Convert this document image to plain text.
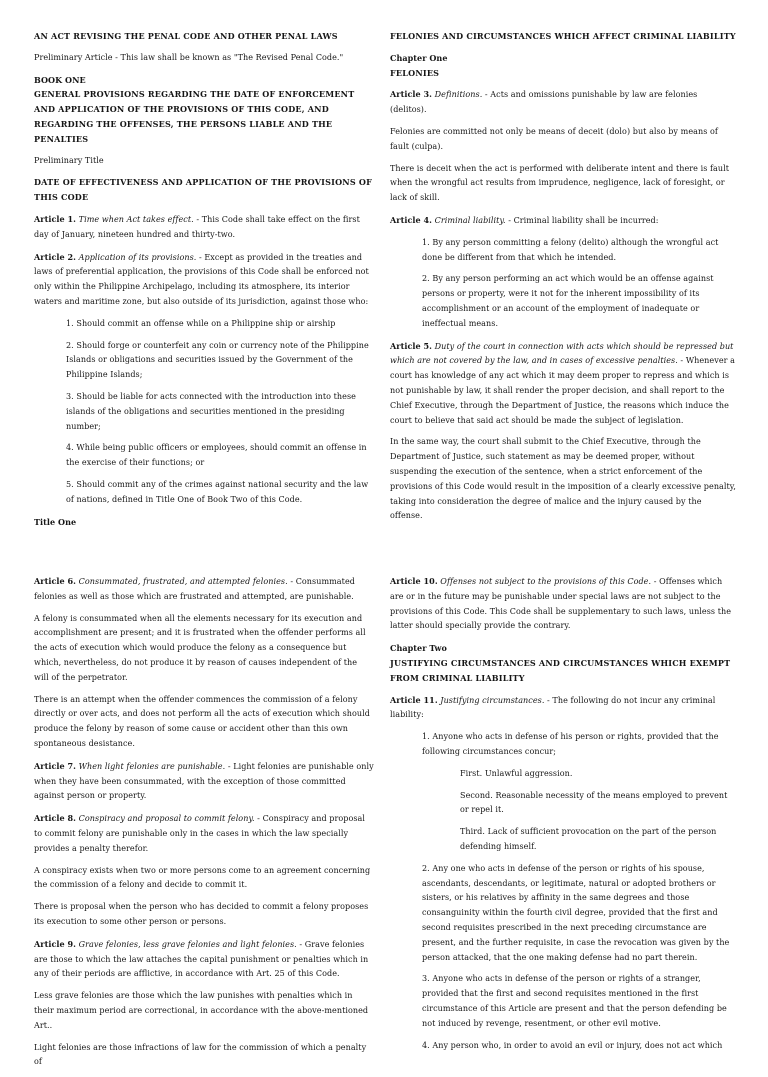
AN ACT REVISING THE PENAL CODE AND OTHER PENAL LAWS

Preliminary Article - This law shall be known as "The Revised Penal Code."

BOOK ONE

GENERAL PROVISIONS REGARDING THE DATE OF ENFORCEMENT AND APPLICATION OF THE PROVISIONS OF THIS CODE, AND REGARDING THE OFFENSES, THE PERSONS LIABLE AND THE PENALTIES

Preliminary Title

DATE OF EFFECTIVENESS AND APPLICATION OF THE PROVISIONS OF THIS CODE

Article 1. Time when Act takes effect. - This Code shall take effect on the first day of January, nineteen hundred and thirty-two.

Article 2. Application of its provisions. - Except as provided in the treaties and laws of preferential application, the provisions of this Code shall be enforced not only within the Philippine Archipelago, including its atmosphere, its interior waters and maritime zone, but also outside of its jurisdiction, against those who:

1. Should commit an offense while on a Philippine ship or airship

2. Should forge or counterfeit any coin or currency note of the Philippine Islands or obligations and securities issued by the Government of the Philippine Islands;

3. Should be liable for acts connected with the introduction into these islands of the obligations and securities mentioned in the presiding number;

4. While being public officers or employees, should commit an offense in the exercise of their functions; or

5. Should commit any of the crimes against national security and the law of nations, defined in Title One of Book Two of this Code.

Title One

FELONIES AND CIRCUMSTANCES WHICH AFFECT CRIMINAL LIABILITY

Chapter One

FELONIES

Article 3. Definitions. - Acts and omissions punishable by law are felonies (delitos).

Felonies are committed not only be means of deceit (dolo) but also by means of fault (culpa).

There is deceit when the act is performed with deliberate intent and there is fault when the wrongful act results from imprudence, negligence, lack of foresight, or lack of skill.

Article 4. Criminal liability. - Criminal liability shall be incurred:

1. By any person committing a felony (delito) although the wrongful act done be different from that which he intended.

2. By any person performing an act which would be an offense against persons or property, were it not for the inherent impossibility of its accomplishment or an account of the employment of inadequate or ineffectual means.

Article 5. Duty of the court in connection with acts which should be repressed but which are not covered by the law, and in cases of excessive penalties. - Whenever a court has knowledge of any act which it may deem proper to repress and which is not punishable by law, it shall render the proper decision, and shall report to the Chief Executive, through the Department of Justice, the reasons which induce the court to believe that said act should be made the subject of legislation.

In the same way, the court shall submit to the Chief Executive, through the Department of Justice, such statement as may be deemed proper, without suspending the execution of the sentence, when a strict enforcement of the provisions of this Code would result in the imposition of a clearly excessive penalty, taking into consideration the degree of malice and the injury caused by the offense.

Article 6. Consummated, frustrated, and attempted felonies. - Consummated felonies as well as those which are frustrated and attempted, are punishable.

A felony is consummated when all the elements necessary for its execution and accomplishment are present; and it is frustrated when the offender performs all the acts of execution which would produce the felony as a consequence but which, nevertheless, do not produce it by reason of causes independent of the will of the perpetrator.

There is an attempt when the offender commences the commission of a felony directly or over acts, and does not perform all the acts of execution which should produce the felony by reason of some cause or accident other than this own spontaneous desistance.

Article 7. When light felonies are punishable. - Light felonies are punishable only when they have been consummated, with the exception of those committed against person or property.

Article 8. Conspiracy and proposal to commit felony. - Conspiracy and proposal to commit felony are punishable only in the cases in which the law specially provides a penalty therefor.

A conspiracy exists when two or more persons come to an agreement concerning the commission of a felony and decide to commit it.

There is proposal when the person who has decided to commit a felony proposes its execution to some other person or persons.

Article 9. Grave felonies, less grave felonies and light felonies. - Grave felonies are those to which the law attaches the capital punishment or penalties which in any of their periods are afflictive, in accordance with Art. 25 of this Code.

Less grave felonies are those which the law punishes with penalties which in their maximum period are correctional, in accordance with the above-mentioned Art..

Light felonies are those infractions of law for the commission of which a penalty of

Article 10. Offenses not subject to the provisions of this Code. - Offenses which are or in the future may be punishable under special laws are not subject to the provisions of this Code. This Code shall be supplementary to such laws, unless the latter should specially provide the contrary.

Chapter Two

JUSTIFYING CIRCUMSTANCES AND CIRCUMSTANCES WHICH EXEMPT FROM CRIMINAL LIABILITY

Article 11. Justifying circumstances. - The following do not incur any criminal liability:

1. Anyone who acts in defense of his person or rights, provided that the following circumstances concur;

First. Unlawful aggression.

Second. Reasonable necessity of the means employed to prevent or repel it.

Third. Lack of sufficient provocation on the part of the person defending himself.

2. Any one who acts in defense of the person or rights of his spouse, ascendants, descendants, or legitimate, natural or adopted brothers or sisters, or his relatives by affinity in the same degrees and those consanguinity within the fourth civil degree, provided that the first and second requisites prescribed in the next preceding circumstance are present, and the further requisite, in case the revocation was given by the person attacked, that the one making defense had no part therein.

3. Anyone who acts in defense of the person or rights of a stranger, provided that the first and second requisites mentioned in the first circumstance of this Article are present and that the person defending be not induced by revenge, resentment, or other evil motive.

4. Any person who, in order to avoid an evil or injury, does not act which
